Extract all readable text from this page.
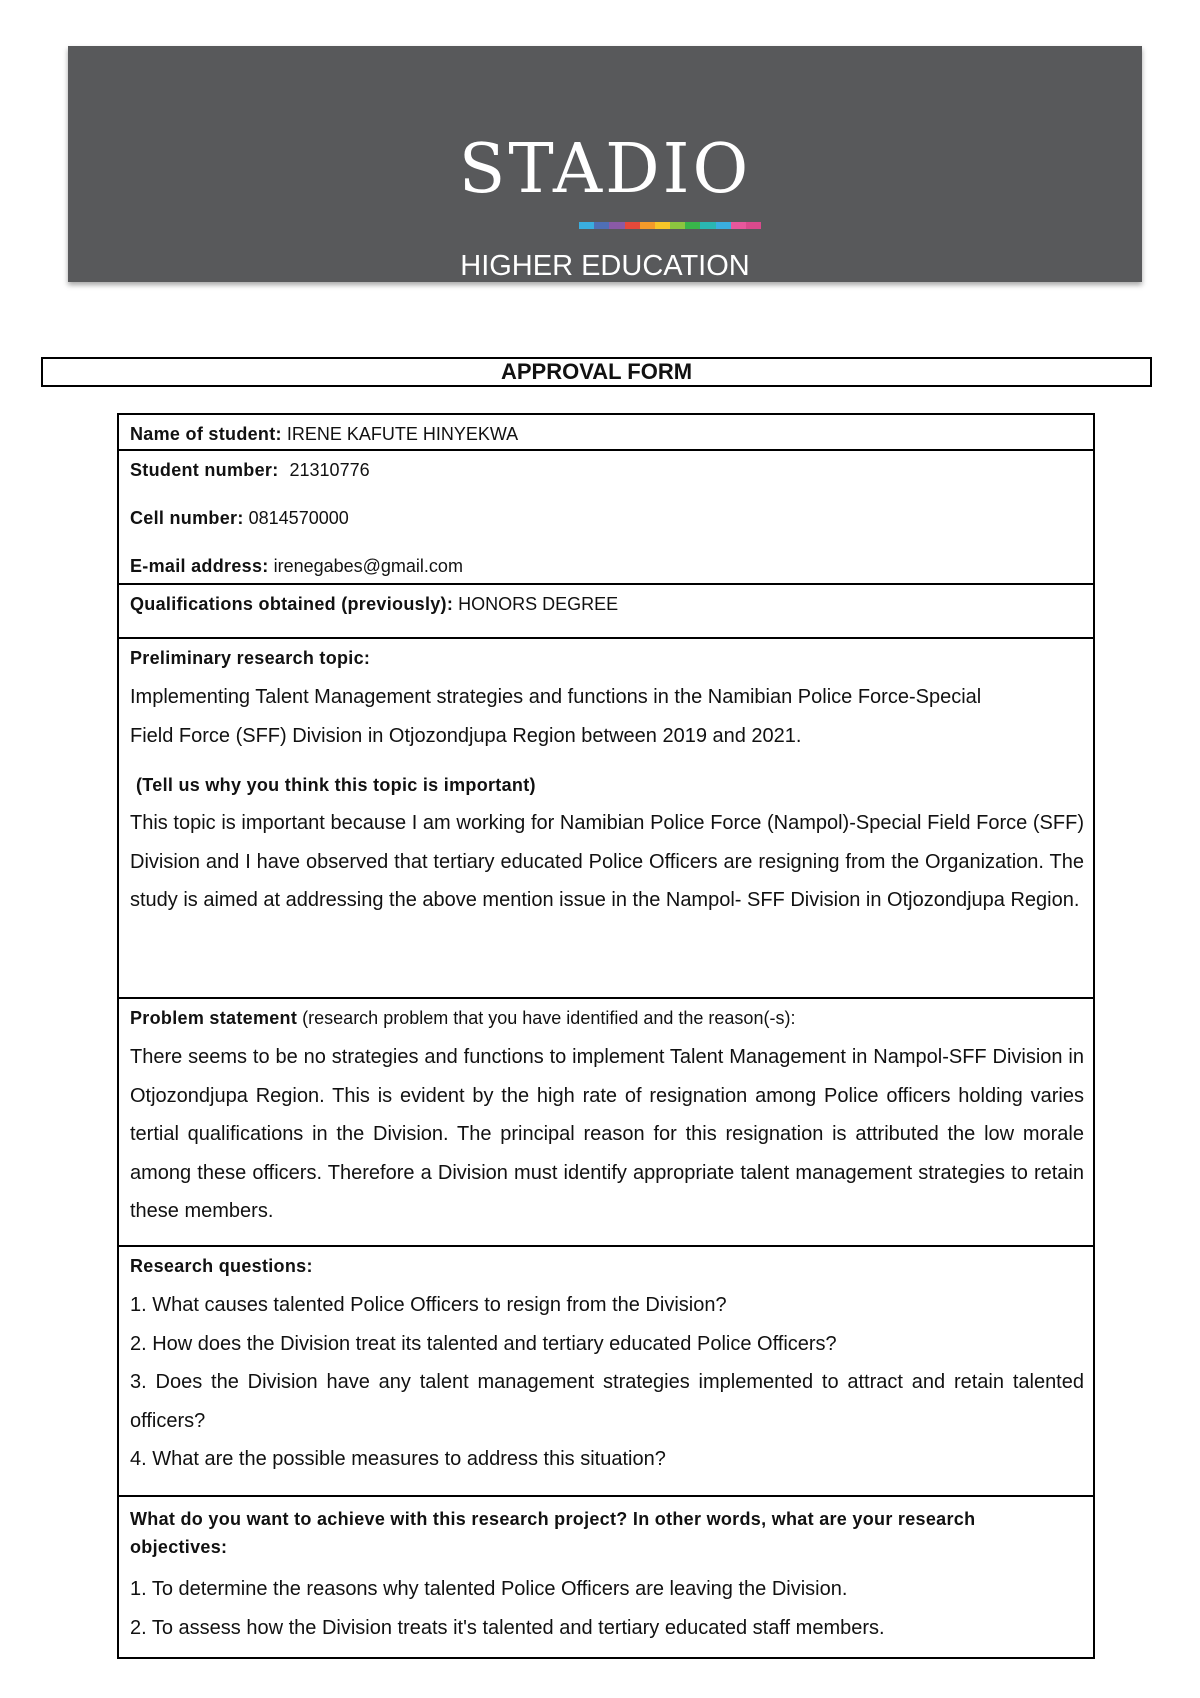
STADIO
HIGHER EDUCATION
APPROVAL FORM
Name of student: IRENE KAFUTE HINYEKWA
Student number: 21310776
Cell number: 0814570000
E-mail address: irenegabes@gmail.com
Qualifications obtained (previously): HONORS DEGREE
Preliminary research topic:

Implementing Talent Management strategies and functions in the Namibian Police Force-Special Field Force (SFF) Division in Otjozondjupa Region between 2019 and 2021.

(Tell us why you think this topic is important)

This topic is important because I am working for Namibian Police Force (Nampol)-Special Field Force (SFF) Division and I have observed that tertiary educated Police Officers are resigning from the Organization. The study is aimed at addressing the above mention issue in the Nampol- SFF Division in Otjozondjupa Region.

Problem statement (research problem that you have identified and the reason(-s):

There seems to be no strategies and functions to implement Talent Management in Nampol-SFF Division in Otjozondjupa Region. This is evident by the high rate of resignation among Police officers holding varies tertial qualifications in the Division. The principal reason for this resignation is attributed the low morale among these officers. Therefore a Division must identify appropriate talent management strategies to retain these members.

Research questions:

1. What causes talented Police Officers to resign from the Division?

2. How does the Division treat its talented and tertiary educated Police Officers?

3. Does the Division have any talent management strategies implemented to attract and retain talented officers?

4. What are the possible measures to address this situation?

What do you want to achieve with this research project? In other words, what are your research objectives:

1. To determine the reasons why talented Police Officers are leaving the Division.

2. To assess how the Division treats it's talented and tertiary educated staff members.
